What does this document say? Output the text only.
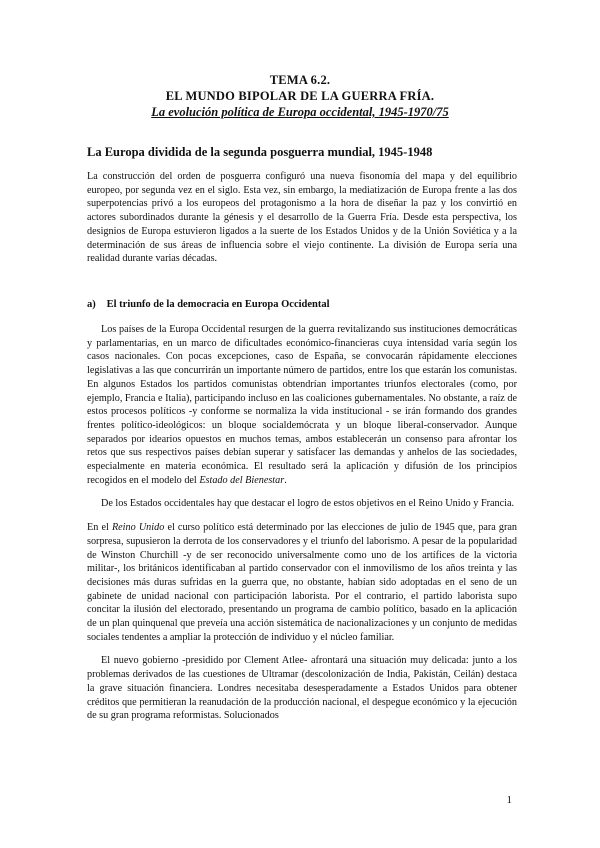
TEMA 6.2.
EL MUNDO BIPOLAR DE LA GUERRA FRÍA.
La evolución política de Europa occidental, 1945-1970/75
La Europa dividida de la segunda posguerra mundial, 1945-1948

La construcción del orden de posguerra configuró una nueva fisonomía del mapa y del equilibrio europeo, por segunda vez en el siglo. Esta vez, sin embargo, la mediatización de Europa frente a las dos superpotencias privó a los europeos del protagonismo a la hora de diseñar la paz y los convirtió en actores subordinados durante la génesis y el desarrollo de la Guerra Fría. Desde esta perspectiva, los designios de Europa estuvieron ligados a la suerte de los Estados Unidos y de la Unión Soviética y a la determinación de sus áreas de influencia sobre el viejo continente. La división de Europa sería una realidad durante varias décadas.

a) El triunfo de la democracia en Europa Occidental

Los países de la Europa Occidental resurgen de la guerra revitalizando sus instituciones democráticas y parlamentarias, en un marco de dificultades económico-financieras cuya intensidad varía según los casos nacionales. Con pocas excepciones, caso de España, se convocarán rápidamente elecciones legislativas a las que concurrirán un importante número de partidos, entre los que estarán los comunistas. En algunos Estados los partidos comunistas obtendrían importantes triunfos electorales (como, por ejemplo, Francia e Italia), participando incluso en las coaliciones gubernamentales. No obstante, a raíz de estos procesos políticos -y conforme se normaliza la vida institucional - se irán formando dos grandes frentes político-ideológicos: un bloque socialdemócrata y un bloque liberal-conservador. Aunque separados por idearios opuestos en muchos temas, ambos establecerán un consenso para afrontar los retos que sus respectivos países debían superar y satisfacer las demandas y anhelos de las sociedades, especialmente en materia económica. El resultado será la aplicación y difusión de los principios recogidos en el modelo del Estado del Bienestar.

De los Estados occidentales hay que destacar el logro de estos objetivos en el Reino Unido y Francia.

En el Reino Unido el curso político está determinado por las elecciones de julio de 1945 que, para gran sorpresa, supusieron la derrota de los conservadores y el triunfo del laborismo. A pesar de la popularidad de Winston Churchill -y de ser reconocido universalmente como uno de los artífices de la victoria militar-, los británicos identificaban al partido conservador con el inmovilismo de los años treinta y las decisiones más duras sufridas en la guerra que, no obstante, habían sido adoptadas en el seno de un gabinete de unidad nacional con participación laborista. Por el contrario, el partido laborista supo concitar la ilusión del electorado, presentando un programa de cambio político, basado en la aplicación de un plan quinquenal que preveía una acción sistemática de nacionalizaciones y un conjunto de medidas sociales tendentes a ampliar la protección de individuo y el núcleo familiar.

El nuevo gobierno -presidido por Clement Atlee- afrontará una situación muy delicada: junto a los problemas derivados de las cuestiones de Ultramar (descolonización de India, Pakistán, Ceilán) destaca la grave situación financiera. Londres necesitaba desesperadamente a Estados Unidos para obtener créditos que permitieran la reanudación de la producción nacional, el despegue económico y la ejecución de su gran programa reformistas. Solucionados

1
